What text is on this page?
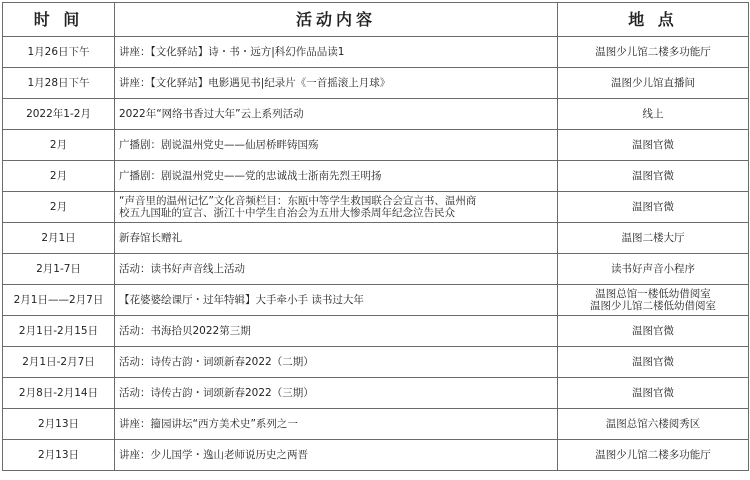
时 间	活动内容	地 点
1月26日下午	讲座：【文化驿站】诗・书・远方|科幻作品品读1	温图少儿馆二楼多功能厅
1月28日下午	讲座：【文化驿站】电影遇见书|纪录片《一首摇滚上月球》	温图少儿馆直播间
2022年1-2月	2022年“网络书香过大年”云上系列活动	线上
2月	广播剧：剧说温州党史——仙居桥畔铸国殇	温图官微
2月	广播剧：剧说温州党史——党的忠诚战士浙南先烈王明扬	温图官微
2月	“声音里的温州记忆”文化音频栏目：东瓯中等学生救国联合会宣言书、温州商
校五九国耻的宣言、浙江十中学生自治会为五卅大惨杀周年纪念泣告民众	温图官微
2月1日	新春馆长赠礼	温图二楼大厅
2月1-7日	活动：读书好声音线上活动	读书好声音小程序
2月1日——2月7日	【花婆婆绘课厅・过年特辑】大手牵小手 读书过大年	温图总馆一楼低幼借阅室
温图少儿馆二楼低幼借阅室
2月1日-2月15日	活动：书海拾贝2022第三期	温图官微
2月1日-2月7日	活动：诗传古韵・词颂新春2022（二期）	温图官微
2月8日-2月14日	活动：诗传古韵・词颂新春2022（三期）	温图官微
2月13日	讲座：籀园讲坛“西方美术史”系列之一	温图总馆六楼阅秀区
2月13日	讲座：少儿国学・逸山老师说历史之两晋	温图少儿馆二楼多功能厅
